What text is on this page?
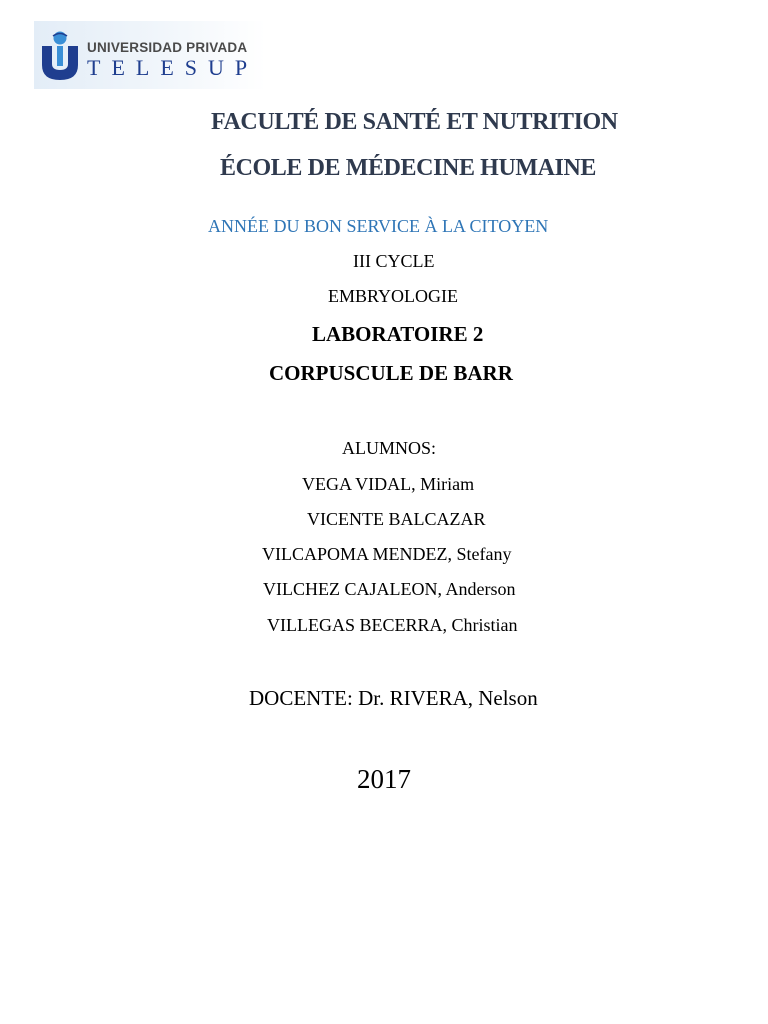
UNIVERSIDAD PRIVADA
TELESUP
FACULTÉ DE SANTÉ ET NUTRITION
ÉCOLE DE MÉDECINE HUMAINE
ANNÉE DU BON SERVICE À LA CITOYEN
III CYCLE
EMBRYOLOGIE
LABORATOIRE 2
CORPUSCULE DE BARR
ALUMNOS:
VEGA VIDAL, Miriam
VICENTE BALCAZAR
VILCAPOMA MENDEZ, Stefany
VILCHEZ CAJALEON, Anderson
VILLEGAS BECERRA, Christian
DOCENTE: Dr. RIVERA, Nelson
2017
